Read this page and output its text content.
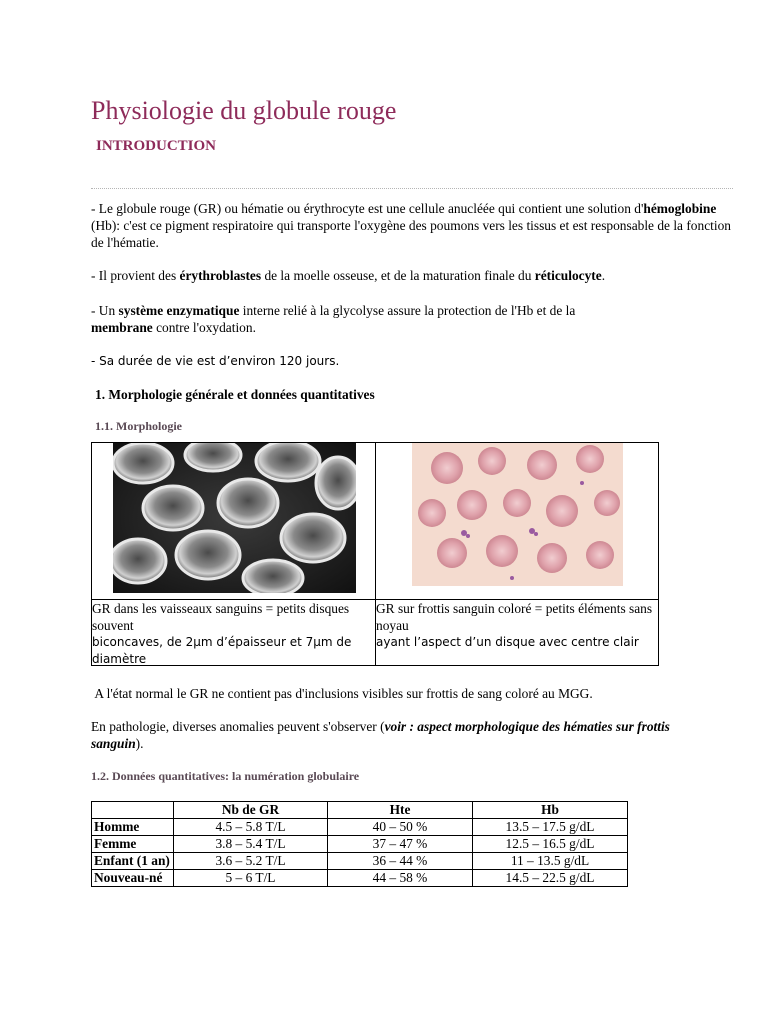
Physiologie du globule rouge
INTRODUCTION

- Le globule rouge (GR) ou hématie ou érythrocyte est une cellule anucléée qui contient une solution d'hémoglobine (Hb): c'est ce pigment respiratoire qui transporte l'oxygène des poumons vers les tissus et est responsable de la fonction de l'hématie.

- Il provient des érythroblastes de la moelle osseuse, et de la maturation finale du réticulocyte.

- Un système enzymatique interne relié à la glycolyse assure la protection de l'Hb et de la membrane contre l'oxydation.

- Sa durée de vie est d’environ 120 jours.

1. Morphologie générale et données quantitatives
1.1. Morphologie
GR dans les vaisseaux sanguins = petits disques souvent
biconcaves, de 2µm d’épaisseur et 7µm de diamètre
GR sur frottis sanguin coloré = petits éléments sans noyau
ayant l’aspect d’un disque avec centre clair

A l'état normal le GR ne contient pas d'inclusions visibles sur frottis de sang coloré au MGG.

En pathologie, diverses anomalies peuvent s'observer (voir : aspect morphologique des hématies sur frottis sanguin).

1.2. Données quantitatives: la numération globulaire
	Nb de GR	Hte	Hb
Homme	4.5 – 5.8 T/L	40 – 50 %	13.5 – 17.5 g/dL
Femme	3.8 – 5.4 T/L	37 – 47 %	12.5 – 16.5 g/dL
Enfant (1 an)	3.6 – 5.2 T/L	36 – 44 %	11 – 13.5 g/dL
Nouveau-né	5 – 6 T/L	44 – 58 %	14.5 – 22.5 g/dL
